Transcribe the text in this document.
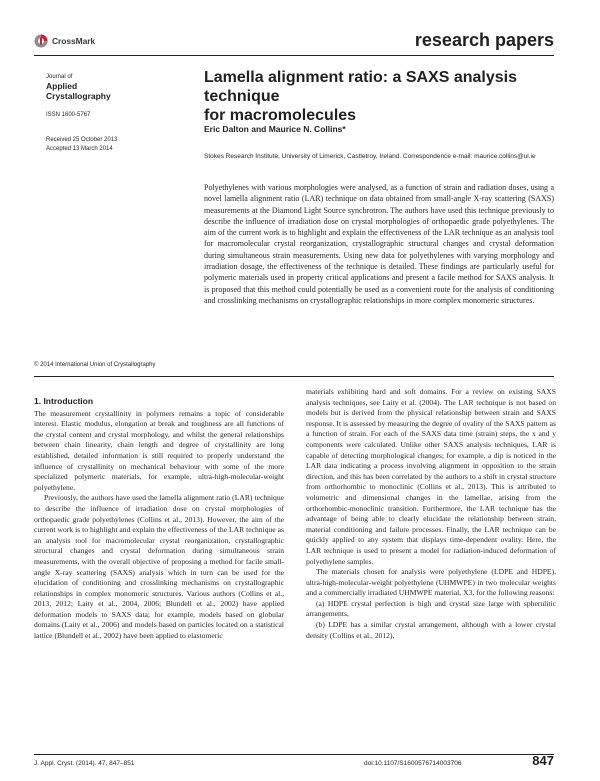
CrossMark	research papers
Journal of
Applied
Crystallography
ISSN 1600-5767
Received 25 October 2013
Accepted 13 March 2014
© 2014 International Union of Crystallography
Lamella alignment ratio: a SAXS analysis technique
for macromolecules
Eric Dalton and Maurice N. Collins*
Stokes Research Institute, University of Limerick, Castletroy, Ireland. Correspondence e-mail: maurice.collins@ul.ie
Polyethylenes with various morphologies were analysed, as a function of strain and radiation doses, using a novel lamella alignment ratio (LAR) technique on data obtained from small-angle X-ray scattering (SAXS) measurements at the Diamond Light Source synchrotron. The authors have used this technique previously to describe the influence of irradiation dose on crystal morphologies of orthopaedic grade polyethylenes. The aim of the current work is to highlight and explain the effectiveness of the LAR technique as an analysis tool for macromolecular crystal reorganization, crystallographic structural changes and crystal deformation during simultaneous strain measurements. Using new data for polyethylenes with varying morphology and irradiation dosage, the effectiveness of the technique is detailed. These findings are particularly useful for polymeric materials used in property critical applications and present a facile method for SAXS analysis. It is proposed that this method could potentially be used as a convenient route for the analysis of conditioning and crosslinking mechanisms on crystallographic relationships in more complex monomeric structures.
1. Introduction

The measurement crystallinity in polymers remains a topic of considerable interest. Elastic modulus, elongation at break and toughness are all functions of the crystal content and crystal morphology, and whilst the general relationships between chain linearity, chain length and degree of crystallinity are long established, detailed information is still required to properly understand the influence of crystallinity on mechanical behaviour with some of the more specialized polymeric materials, for example, ultra-high-molecular-weight polyethylene.

Previously, the authors have used the lamella alignment ratio (LAR) technique to describe the influence of irradiation dose on crystal morphologies of orthopaedic grade polyethylenes (Collins et al., 2013). However, the aim of the current work is to highlight and explain the effectiveness of the LAR technique as an analysis tool for macromolecular crystal reorganization, crystallographic structural changes and crystal deformation during simultaneous strain measurements, with the overall objective of proposing a method for facile small-angle X-ray scattering (SAXS) analysis which in turn can be used for the elucidation of conditioning and crosslinking mechanisms on crystallographic relationships in complex monomeric structures. Various authors (Collins et al., 2013, 2012; Laity et al., 2004, 2006; Blundell et al., 2002) have applied deformation models to SAXS data; for example, models based on globular domains (Laity et al., 2006) and models based on particles located on a statistical lattice (Blundell et al., 2002) have been applied to elastomeric

materials exhibiting hard and soft domains. For a review on existing SAXS analysis techniques, see Laity et al. (2004). The LAR technique is not based on models but is derived from the physical relationship between strain and SAXS response. It is assessed by measuring the degree of ovality of the SAXS pattern as a function of strain. For each of the SAXS data time (strain) steps, the x and y components were calculated. Unlike other SAXS analysis techniques, LAR is capable of detecting morphological changes; for example, a dip is noticed in the LAR data indicating a process involving alignment in opposition to the strain direction, and this has been correlated by the authors to a shift in crystal structure from orthorhombic to monoclinic (Collins et al., 2013). This is attributed to volumetric and dimensional changes in the lamellae, arising from the orthorhombic-monoclinic transition. Furthermore, the LAR technique has the advantage of being able to clearly elucidate the relationship between strain, material conditioning and failure processes. Finally, the LAR technique can be quickly applied to any system that displays time-dependent ovality. Here, the LAR technique is used to present a model for radiation-induced deformation of polyethylene samples.

The materials chosen for analysis were polyethylene (LDPE and HDPE), ultra-high-molecular-weight polyethylene (UHMWPE) in two molecular weights and a commercially irradiated UHMWPE material, X3, for the following reasons:

(a) HDPE crystal perfection is high and crystal size large with spherulitic arrangements,

(b) LDPE has a similar crystal arrangement, although with a lower crystal density (Collins et al., 2012),

J. Appl. Cryst. (2014). 47, 847–851	doi:10.1107/S1600576714003706	847
